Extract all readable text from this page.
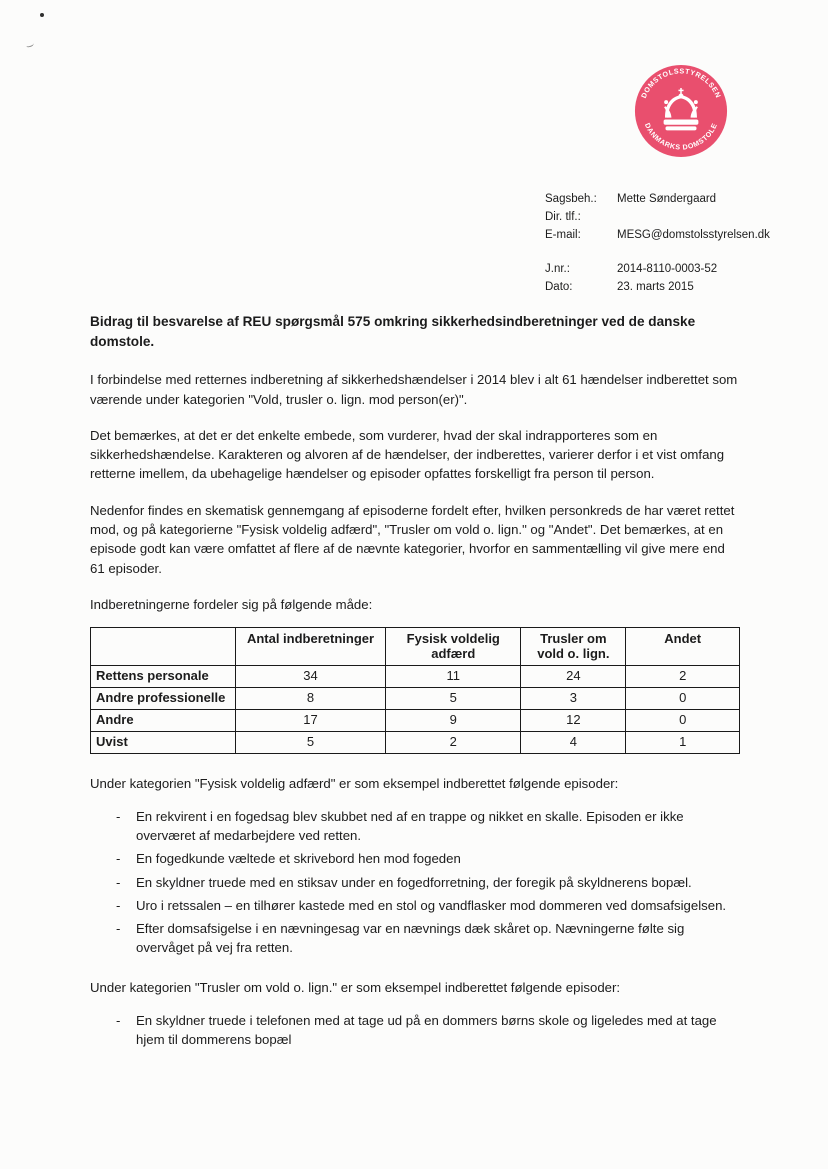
DOMSTOLSSTYRELSEN
DANMARKS DOMSTOLE
Sagsbeh.:	Mette Søndergaard
Dir. tlf.:
E-mail:	MESG@domstolsstyrelsen.dk
J.nr.:	2014-8110-0003-52
Dato:	23. marts 2015
Bidrag til besvarelse af REU spørgsmål 575 omkring sikkerhedsindberetninger ved de danske domstole.

I forbindelse med retternes indberetning af sikkerhedshændelser i 2014 blev i alt 61 hændelser indberettet som værende under kategorien "Vold, trusler o. lign. mod person(er)".

Det bemærkes, at det er det enkelte embede, som vurderer, hvad der skal indrapporteres som en sikkerhedshændelse. Karakteren og alvoren af de hændelser, der indberettes, varierer derfor i et vist omfang retterne imellem, da ubehagelige hændelser og episoder opfattes forskelligt fra person til person.

Nedenfor findes en skematisk gennemgang af episoderne fordelt efter, hvilken personkreds de har været rettet mod, og på kategorierne "Fysisk voldelig adfærd", "Trusler om vold o. lign." og "Andet". Det bemærkes, at en episode godt kan være omfattet af flere af de nævnte kategorier, hvorfor en sammentælling vil give mere end 61 episoder.

Indberetningerne fordeler sig på følgende måde:

	Antal indberetninger	Fysisk voldelig adfærd	Trusler om vold o. lign.	Andet
Rettens personale	34	11	24	2
Andre professionelle	8	5	3	0
Andre	17	9	12	0
Uvist	5	2	4	1

Under kategorien "Fysisk voldelig adfærd" er som eksempel indberettet følgende episoder:

-	En rekvirent i en fogedsag blev skubbet ned af en trappe og nikket en skalle. Episoden er ikke overværet af medarbejdere ved retten.
-	En fogedkunde væltede et skrivebord hen mod fogeden
-	En skyldner truede med en stiksav under en fogedforretning, der foregik på skyldnerens bopæl.
-	Uro i retssalen – en tilhører kastede med en stol og vandflasker mod dommeren ved domsafsigelsen.
-	Efter domsafsigelse i en nævningesag var en nævnings dæk skåret op. Nævningerne følte sig overvåget på vej fra retten.

Under kategorien "Trusler om vold o. lign." er som eksempel indberettet følgende episoder:

-	En skyldner truede i telefonen med at tage ud på en dommers børns skole og ligeledes med at tage hjem til dommerens bopæl
